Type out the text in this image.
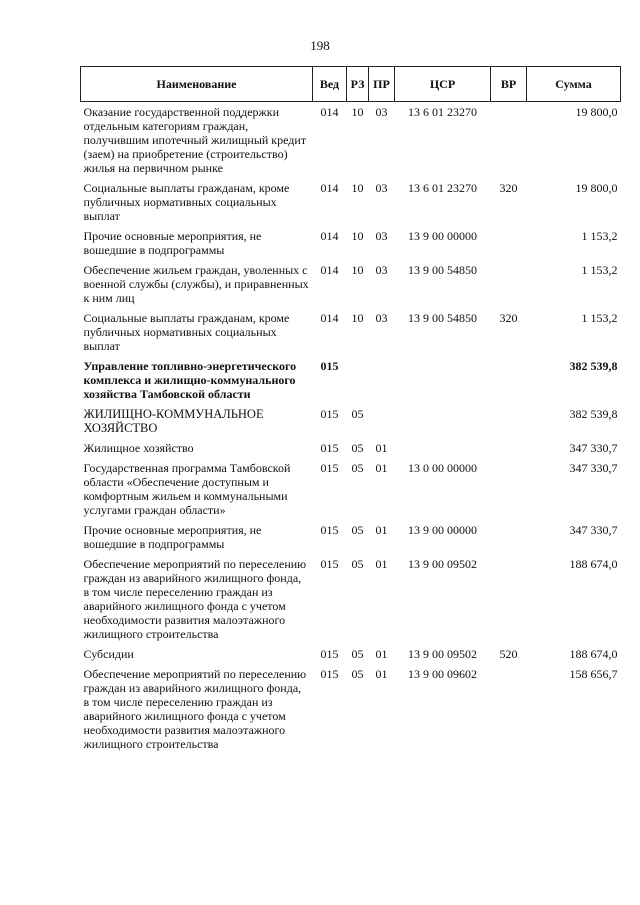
198
Наименование	Вед	РЗ	ПР	ЦСР	ВР	Сумма
Оказание государственной поддержки отдельным категориям граждан, получившим ипотечный жилищный кредит (заем) на приобретение (строительство) жилья на первичном рынке	014	10	03	13 6 01 23270		19 800,0
Социальные выплаты гражданам, кроме публичных нормативных социальных выплат	014	10	03	13 6 01 23270	320	19 800,0
Прочие основные мероприятия, не вошедшие в подпрограммы	014	10	03	13 9 00 00000		1 153,2
Обеспечение жильем граждан, уволенных с военной службы (службы), и приравненных к ним лиц	014	10	03	13 9 00 54850		1 153,2
Социальные выплаты гражданам, кроме публичных нормативных социальных выплат	014	10	03	13 9 00 54850	320	1 153,2
Управление топливно-энергетического комплекса и жилищно-коммунального хозяйства Тамбовской области	015					382 539,8
ЖИЛИЩНО-КОММУНАЛЬНОЕ ХОЗЯЙСТВО	015	05				382 539,8
Жилищное хозяйство	015	05	01			347 330,7
Государственная программа Тамбовской области «Обеспечение доступным и комфортным жильем и коммунальными услугами граждан области»	015	05	01	13 0 00 00000		347 330,7
Прочие основные мероприятия, не вошедшие в подпрограммы	015	05	01	13 9 00 00000		347 330,7
Обеспечение мероприятий по переселению граждан из аварийного жилищного фонда, в том числе переселению граждан из аварийного жилищного фонда с учетом необходимости развития малоэтажного жилищного строительства	015	05	01	13 9 00 09502		188 674,0
Субсидии	015	05	01	13 9 00 09502	520	188 674,0
Обеспечение мероприятий по переселению граждан из аварийного жилищного фонда, в том числе переселению граждан из аварийного жилищного фонда с учетом необходимости развития малоэтажного жилищного строительства	015	05	01	13 9 00 09602		158 656,7
